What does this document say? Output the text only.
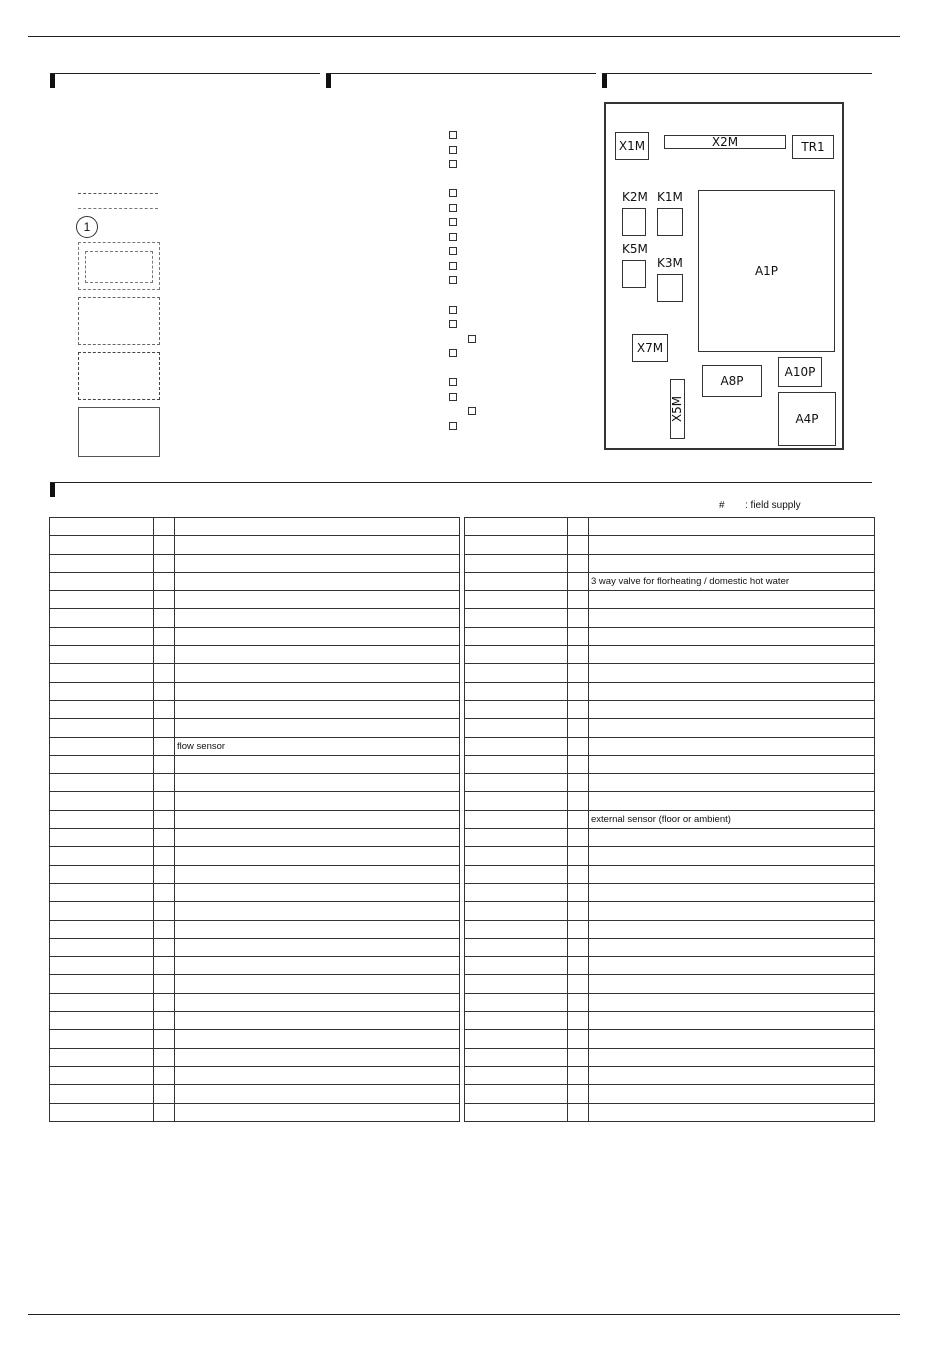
1
X1M	X2M	TR1
K2M K1M
K5M
K3M
A1P
X7M
A8P
A10P
X5M	A4P
# : field supply

		flow sensor

		3 way valve for florheating / domestic hot water

		external sensor (floor or ambient)
